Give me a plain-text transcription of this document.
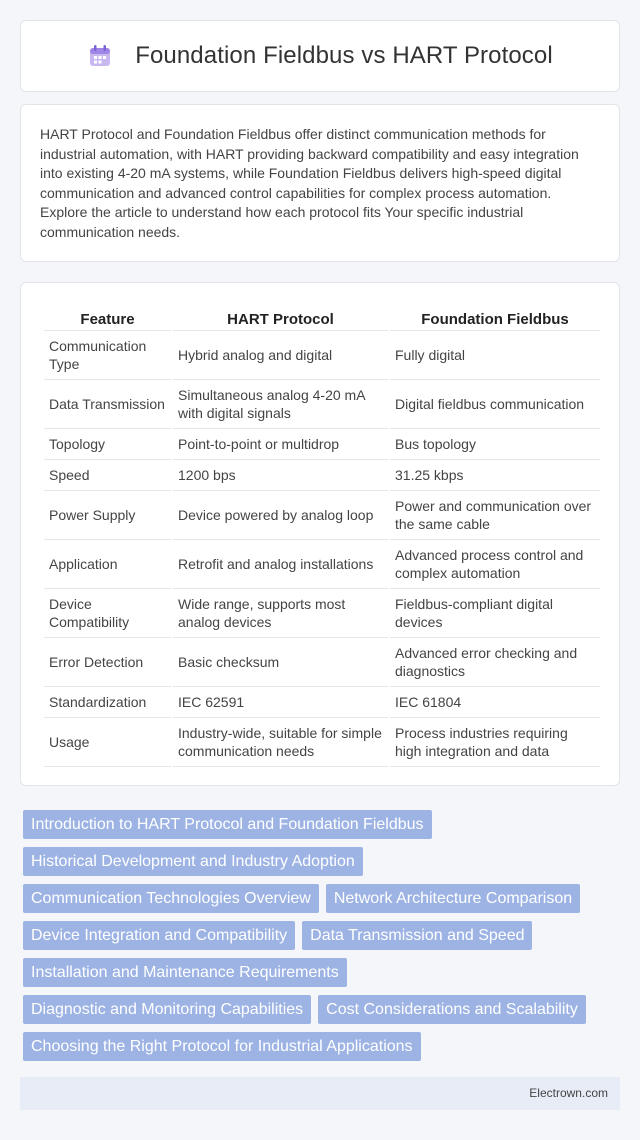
Foundation Fieldbus vs HART Protocol

HART Protocol and Foundation Fieldbus offer distinct communication methods for industrial automation, with HART providing backward compatibility and easy integration into existing 4-20 mA systems, while Foundation Fieldbus delivers high-speed digital communication and advanced control capabilities for complex process automation. Explore the article to understand how each protocol fits Your specific industrial communication needs.

Feature	HART Protocol	Foundation Fieldbus
Communication Type	Hybrid analog and digital	Fully digital
Data Transmission	Simultaneous analog 4-20 mA with digital signals	Digital fieldbus communication
Topology	Point-to-point or multidrop	Bus topology
Speed	1200 bps	31.25 kbps
Power Supply	Device powered by analog loop	Power and communication over the same cable
Application	Retrofit and analog installations	Advanced process control and complex automation
Device Compatibility	Wide range, supports most analog devices	Fieldbus-compliant digital devices
Error Detection	Basic checksum	Advanced error checking and diagnostics
Standardization	IEC 62591	IEC 61804
Usage	Industry-wide, suitable for simple communication needs	Process industries requiring high integration and data
Introduction to HART Protocol and Foundation Fieldbus
Historical Development and Industry Adoption
Communication Technologies Overview	Network Architecture Comparison
Device Integration and Compatibility	Data Transmission and Speed
Installation and Maintenance Requirements
Diagnostic and Monitoring Capabilities	Cost Considerations and Scalability
Choosing the Right Protocol for Industrial Applications
Electrown.com
